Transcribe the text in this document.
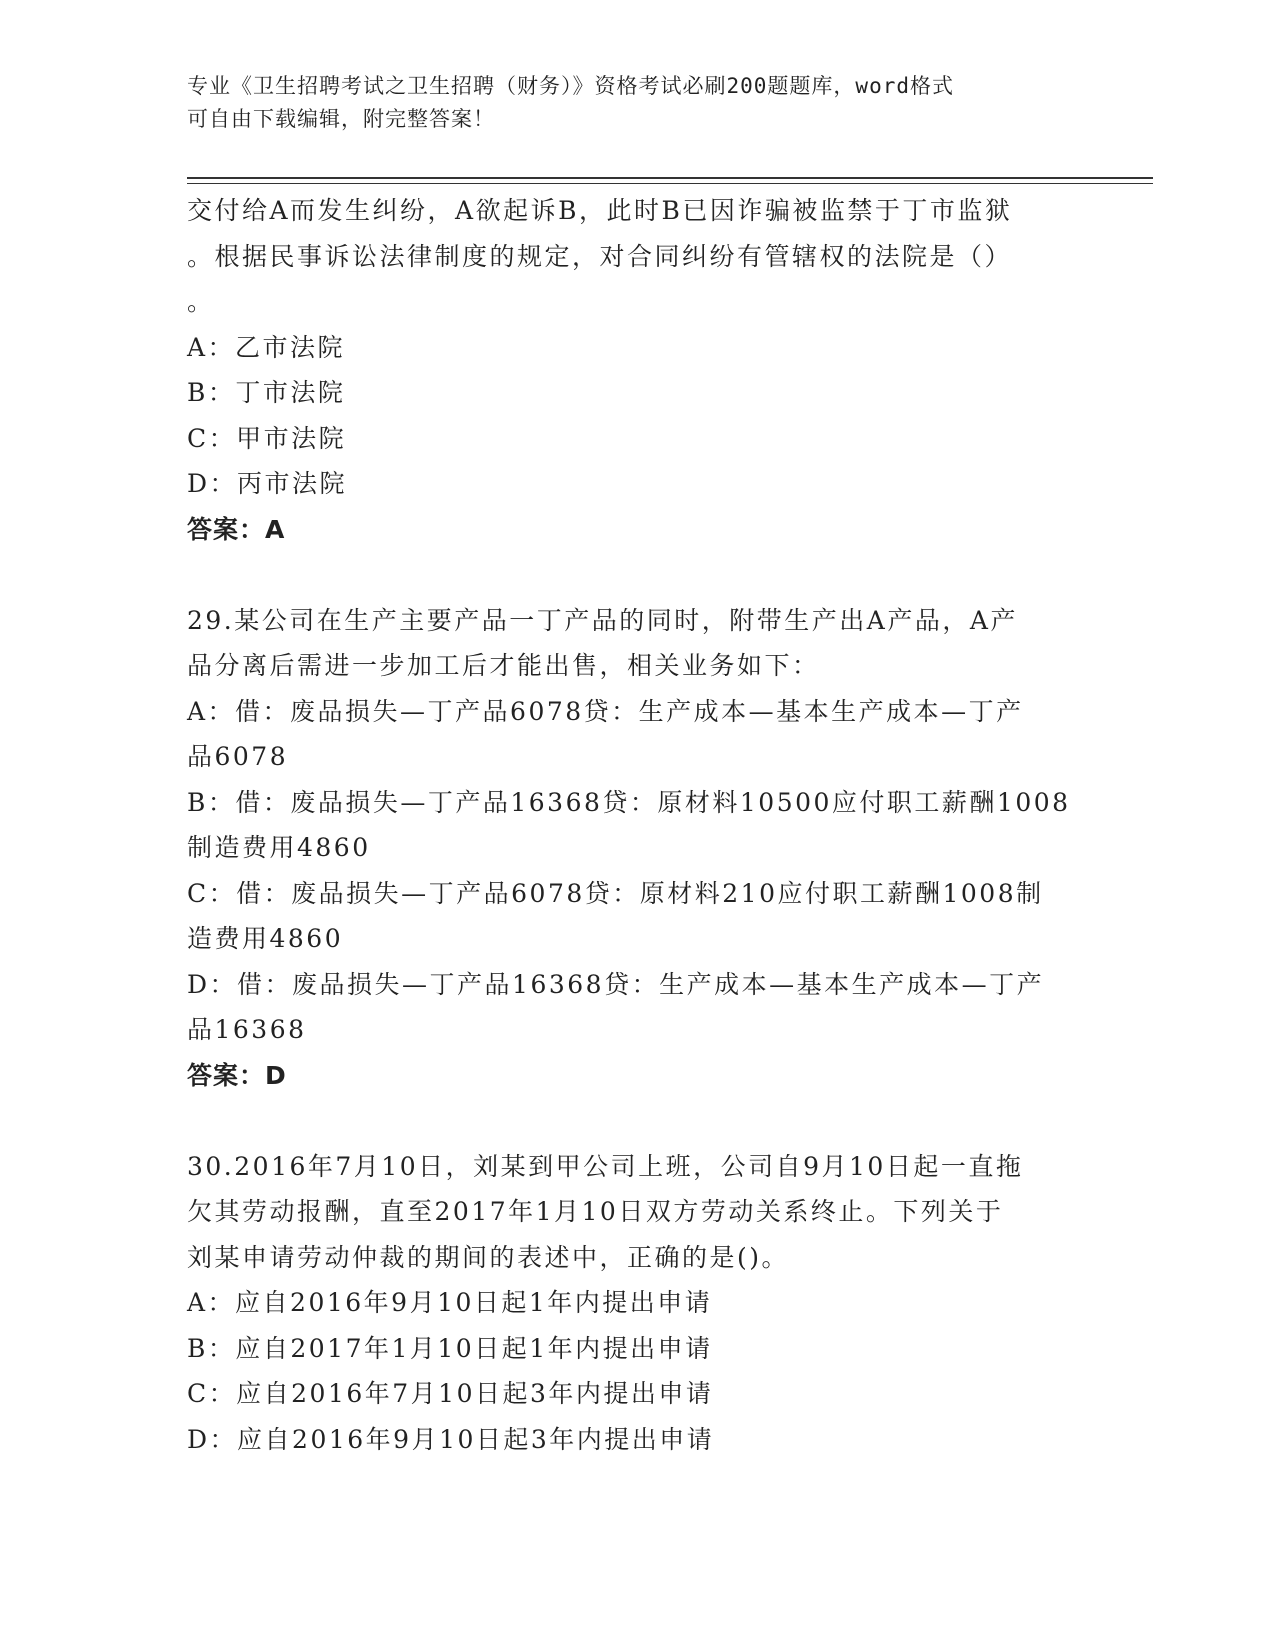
专业《卫生招聘考试之卫生招聘（财务）》资格考试必刷200题题库，word格式
可自由下载编辑，附完整答案！
交付给A而发生纠纷，A欲起诉B，此时B已因诈骗被监禁于丁市监狱
。根据民事诉讼法律制度的规定，对合同纠纷有管辖权的法院是（）
。
A：乙市法院
B：丁市法院
C：甲市法院
D：丙市法院
答案：A
29.某公司在生产主要产品一丁产品的同时，附带生产出A产品，A产
品分离后需进一步加工后才能出售，相关业务如下：
A：借：废品损失—丁产品6078贷：生产成本—基本生产成本—丁产
品6078
B：借：废品损失—丁产品16368贷：原材料10500应付职工薪酬1008
制造费用4860
C：借：废品损失—丁产品6078贷：原材料210应付职工薪酬1008制
造费用4860
D：借：废品损失—丁产品16368贷：生产成本—基本生产成本—丁产
品16368
答案：D
30.2016年7月10日，刘某到甲公司上班，公司自9月10日起一直拖
欠其劳动报酬，直至2017年1月10日双方劳动关系终止。下列关于
刘某申请劳动仲裁的期间的表述中，正确的是()。
A：应自2016年9月10日起1年内提出申请
B：应自2017年1月10日起1年内提出申请
C：应自2016年7月10日起3年内提出申请
D：应自2016年9月10日起3年内提出申请
